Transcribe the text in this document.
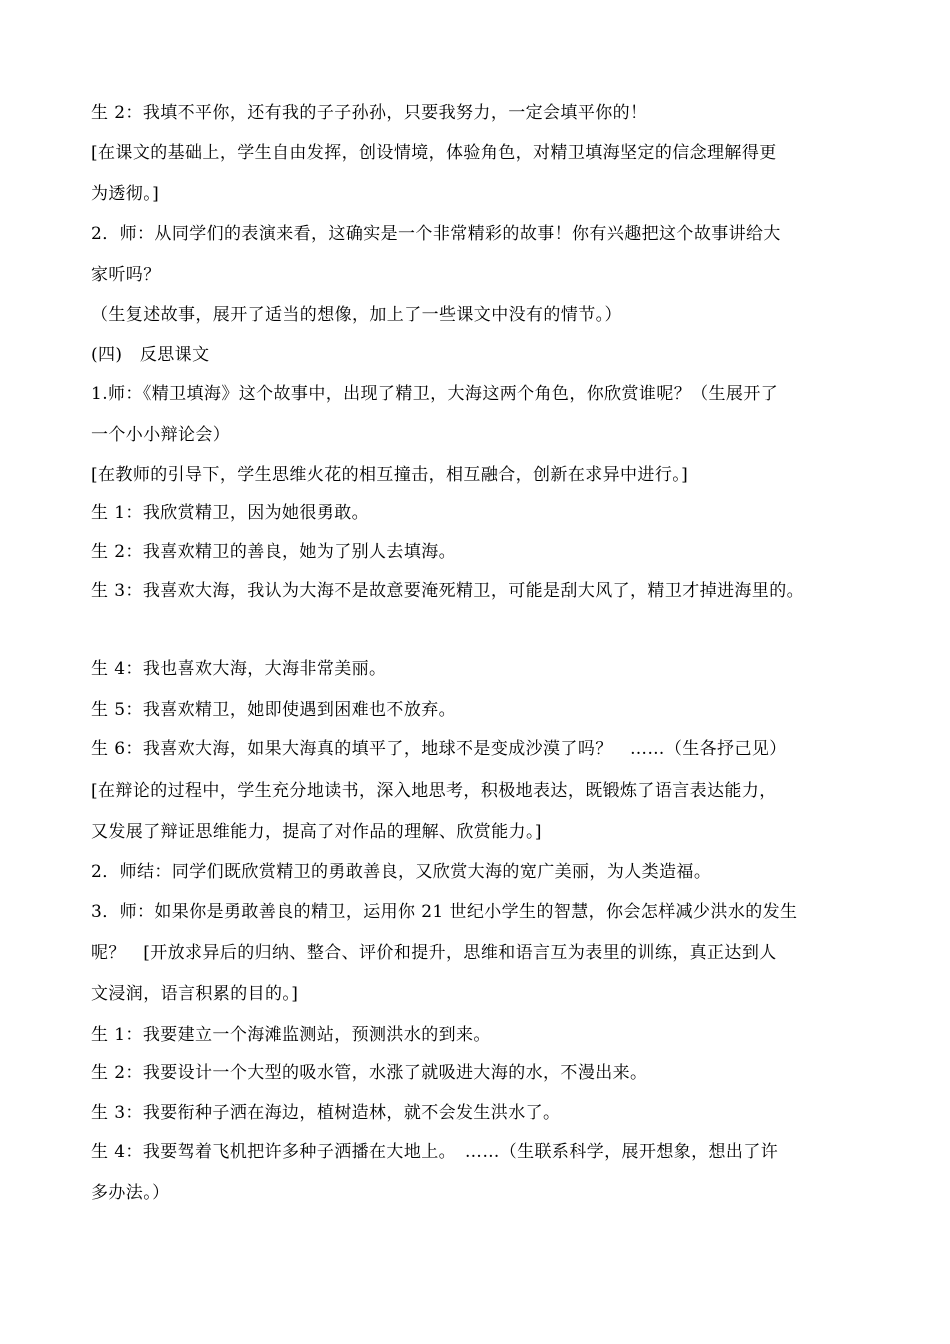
生 2：我填不平你，还有我的子子孙孙，只要我努力，一定会填平你的！
[在课文的基础上，学生自由发挥，创设情境，体验角色，对精卫填海坚定的信念理解得更
为透彻。]
2．师：从同学们的表演来看，这确实是一个非常精彩的故事！你有兴趣把这个故事讲给大
家听吗？
（生复述故事，展开了适当的想像，加上了一些课文中没有的情节。）
(四)　反思课文
1.师：《精卫填海》这个故事中，出现了精卫，大海这两个角色，你欣赏谁呢？（生展开了
一个小小辩论会）
[在教师的引导下，学生思维火花的相互撞击，相互融合，创新在求异中进行。]
生 1：我欣赏精卫，因为她很勇敢。
生 2：我喜欢精卫的善良，她为了别人去填海。
生 3：我喜欢大海，我认为大海不是故意要淹死精卫，可能是刮大风了，精卫才掉进海里的。
生 4：我也喜欢大海，大海非常美丽。
生 5：我喜欢精卫，她即使遇到困难也不放弃。
生 6：我喜欢大海，如果大海真的填平了，地球不是变成沙漠了吗？　……（生各抒己见）
[在辩论的过程中，学生充分地读书，深入地思考，积极地表达，既锻炼了语言表达能力，
又发展了辩证思维能力，提高了对作品的理解、欣赏能力。]
2．师结：同学们既欣赏精卫的勇敢善良，又欣赏大海的宽广美丽，为人类造福。
3．师：如果你是勇敢善良的精卫，运用你 21 世纪小学生的智慧，你会怎样减少洪水的发生
呢？　[开放求异后的归纳、整合、评价和提升，思维和语言互为表里的训练，真正达到人
文浸润，语言积累的目的。]
生 1：我要建立一个海滩监测站，预测洪水的到来。
生 2：我要设计一个大型的吸水管，水涨了就吸进大海的水，不漫出来。
生 3：我要衔种子洒在海边，植树造林，就不会发生洪水了。
生 4：我要驾着飞机把许多种子洒播在大地上。　……（生联系科学，展开想象，想出了许
多办法。）
